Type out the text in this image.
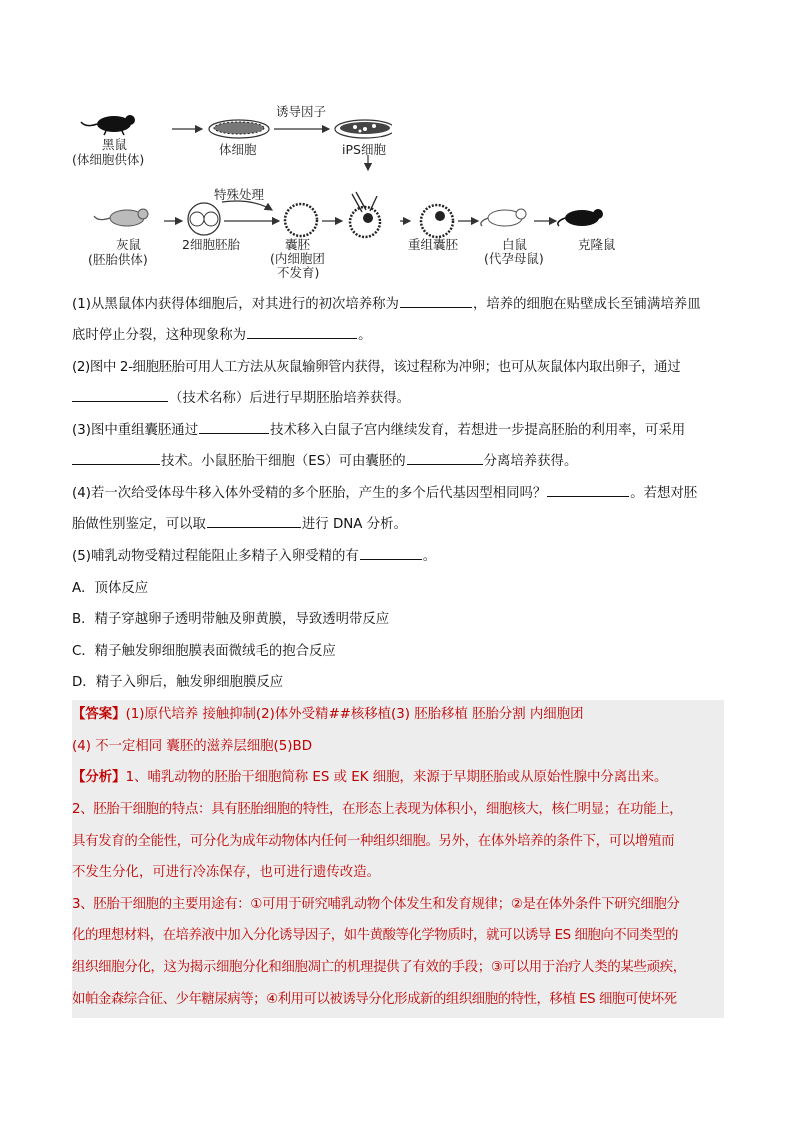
黑鼠
(体细胞供体)
体细胞
诱导因子
iPS细胞
特殊处理
灰鼠
(胚胎供体)
2细胞胚胎	囊胚
(内细胞团
不发育)
重组囊胚	白鼠
(代孕母鼠)
克隆鼠
(1)从黑鼠体内获得体细胞后，对其进行的初次培养称为	，培养的细胞在贴壁成长至铺满培养皿
底时停止分裂，这种现象称为	。
(2)图中 2-细胞胚胎可用人工方法从灰鼠输卵管内获得，该过程称为冲卵；也可从灰鼠体内取出卵子，通过
（技术名称）后进行早期胚胎培养获得。
(3)图中重组囊胚通过	技术移入白鼠子宫内继续发育，若想进一步提高胚胎的利用率，可采用
技术。小鼠胚胎干细胞（ES）可由囊胚的	分离培养获得。
(4)若一次给受体母牛移入体外受精的多个胚胎，产生的多个后代基因型相同吗？	。若想对胚
胎做性别鉴定，可以取	进行 DNA 分析。
(5)哺乳动物受精过程能阻止多精子入卵受精的有	。
A．顶体反应
B．精子穿越卵子透明带触及卵黄膜，导致透明带反应
C．精子触发卵细胞膜表面微绒毛的抱合反应
D．精子入卵后，触发卵细胞膜反应
【答案】(1)原代培养 接触抑制(2)体外受精##核移植(3) 胚胎移植 胚胎分割 内细胞团
(4) 不一定相同 囊胚的滋养层细胞(5)BD
【分析】1、哺乳动物的胚胎干细胞简称 ES 或 EK 细胞，来源于早期胚胎或从原始性腺中分离出来。
2、胚胎干细胞的特点：具有胚胎细胞的特性，在形态上表现为体积小，细胞核大，核仁明显；在功能上，
具有发育的全能性，可分化为成年动物体内任何一种组织细胞。另外，在体外培养的条件下，可以增殖而
不发生分化，可进行冷冻保存，也可进行遗传改造。
3、胚胎干细胞的主要用途有：①可用于研究哺乳动物个体发生和发育规律；②是在体外条件下研究细胞分
化的理想材料，在培养液中加入分化诱导因子，如牛黄酸等化学物质时，就可以诱导 ES 细胞向不同类型的
组织细胞分化，这为揭示细胞分化和细胞凋亡的机理提供了有效的手段；③可以用于治疗人类的某些顽疾，
如帕金森综合征、少年糖尿病等；④利用可以被诱导分化形成新的组织细胞的特性，移植 ES 细胞可使坏死
